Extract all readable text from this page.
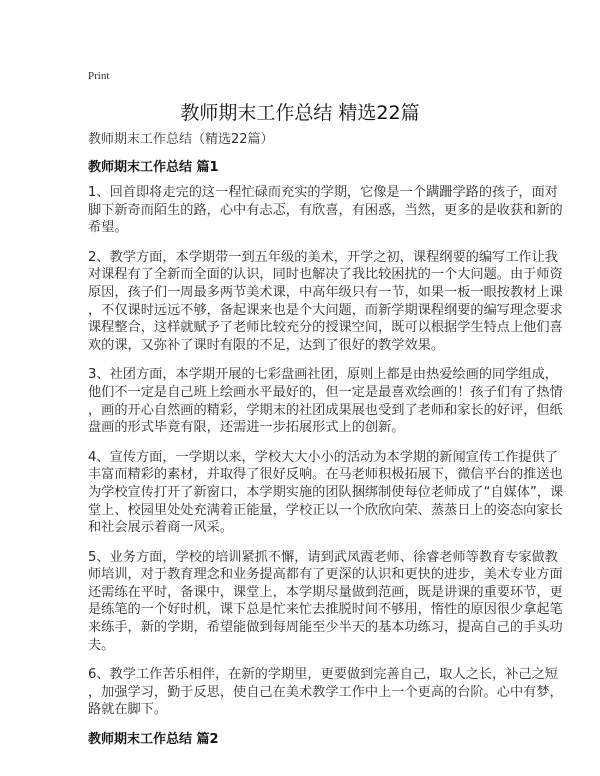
Print
教师期末工作总结 精选22篇
教师期末工作总结（精选22篇）
教师期末工作总结 篇1
1、回首即将走完的这一程忙碌而充实的学期，它像是一个蹒跚学路的孩子，面对
脚下新奇而陌生的路，心中有忐忑，有欣喜，有困惑，当然，更多的是收获和新的
希望。
2、教学方面，本学期带一到五年级的美术，开学之初，课程纲要的编写工作让我
对课程有了全新而全面的认识，同时也解决了我比较困扰的一个大问题。由于师资
原因，孩子们一周最多两节美术课，中高年级只有一节，如果一板一眼按教材上课
，不仅课时远远不够，备起课来也是个大问题，而新学期课程纲要的编写理念要求
课程整合，这样就赋予了老师比较充分的授课空间，既可以根据学生特点上他们喜
欢的课，又弥补了课时有限的不足，达到了很好的教学效果。
3、社团方面，本学期开展的七彩盘画社团，原则上都是由热爱绘画的同学组成，
他们不一定是自己班上绘画水平最好的，但一定是最喜欢绘画的！孩子们有了热情
，画的开心自然画的精彩，学期末的社团成果展也受到了老师和家长的好评，但纸
盘画的形式毕竟有限，还需进一步拓展形式上的创新。
4、宣传方面，一学期以来，学校大大小小的活动为本学期的新闻宣传工作提供了
丰富而精彩的素材，并取得了很好反响。在马老师积极拓展下，微信平台的推送也
为学校宣传打开了新窗口，本学期实施的团队捆绑制使每位老师成了“自媒体”，课
堂上、校园里处处充满着正能量，学校正以一个欣欣向荣、蒸蒸日上的姿态向家长
和社会展示着商一风采。
5、业务方面，学校的培训紧抓不懈，请到武凤霞老师、徐睿老师等教育专家做教
师培训，对于教育理念和业务提高都有了更深的认识和更快的进步，美术专业方面
还需练在平时，备课中，课堂上，本学期尽量做到范画，既是讲课的重要环节，更
是练笔的一个好时机，课下总是忙来忙去推脱时间不够用，惰性的原因很少拿起笔
来练手，新的学期，希望能做到每周能至少半天的基本功练习，提高自己的手头功
夫。
6、教学工作苦乐相伴，在新的学期里，更要做到完善自己，取人之长，补己之短
，加强学习，勤于反思，使自己在美术教学工作中上一个更高的台阶。心中有梦，
路就在脚下。
教师期末工作总结 篇2
